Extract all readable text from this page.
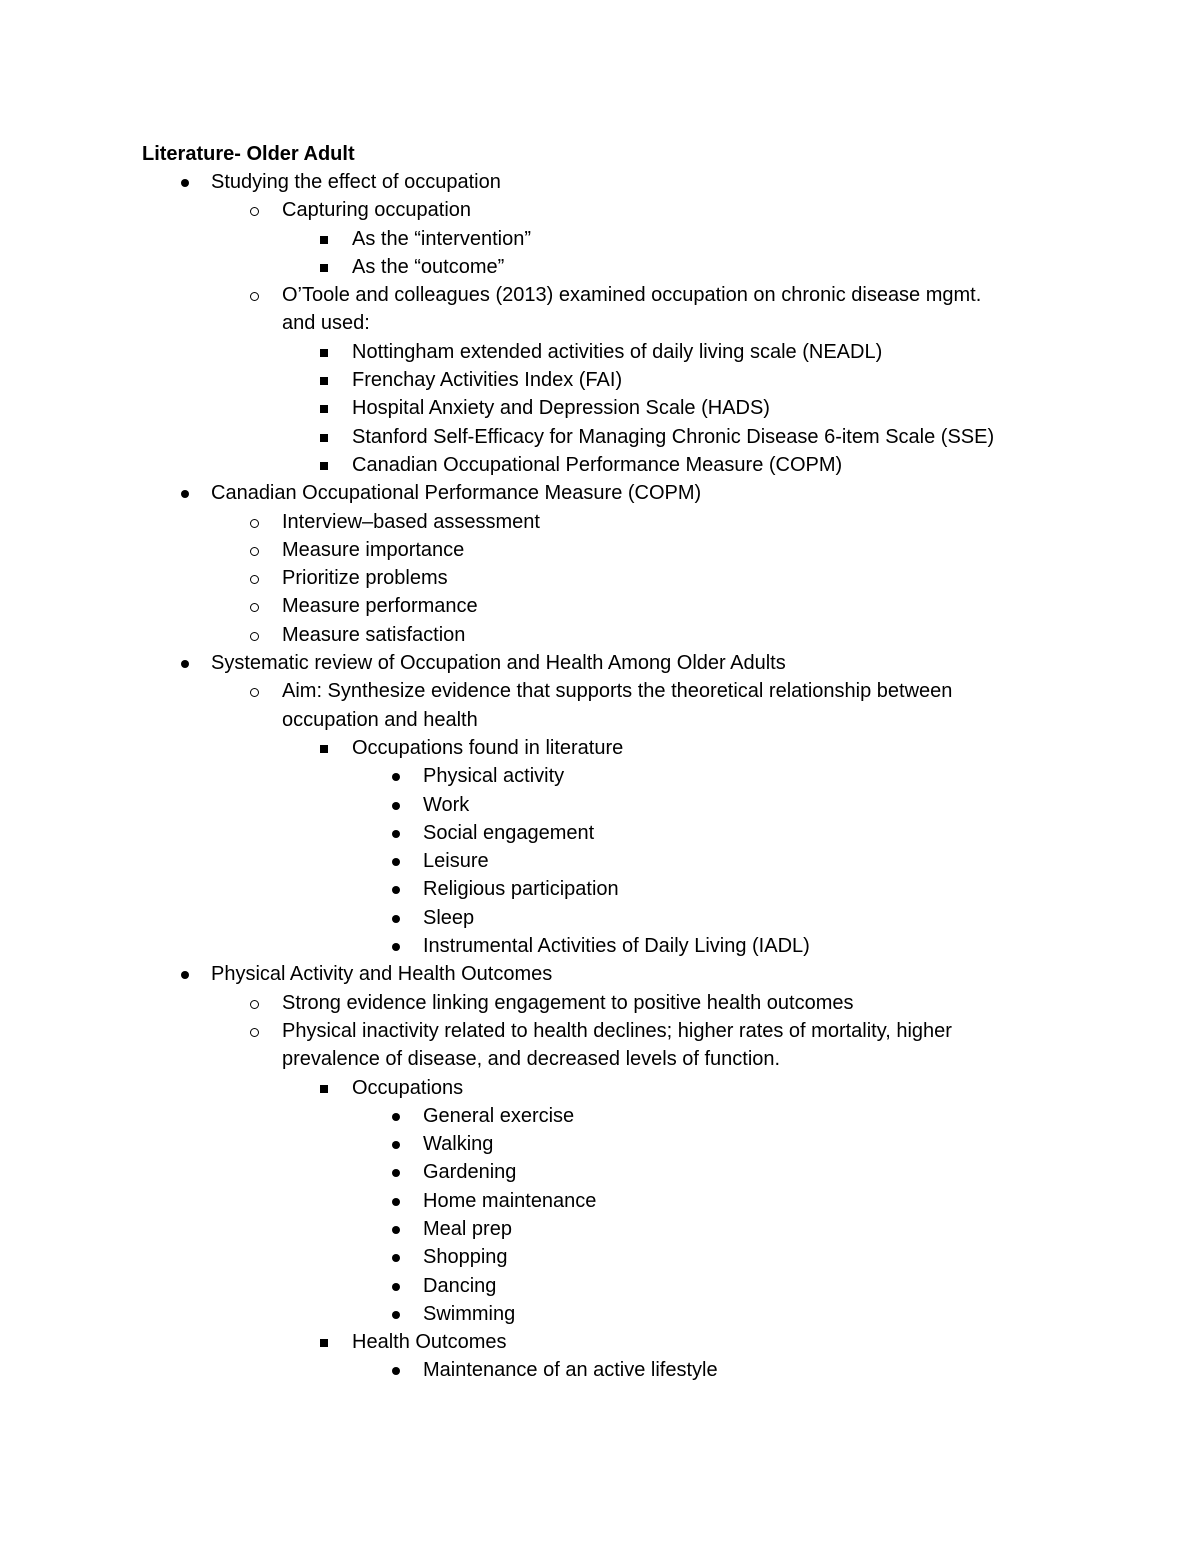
Literature- Older Adult
Studying the effect of occupation
Capturing occupation
As the “intervention”
As the “outcome”
O’Toole and colleagues (2013) examined occupation on chronic disease mgmt.
and used:
Nottingham extended activities of daily living scale (NEADL)
Frenchay Activities Index (FAI)
Hospital Anxiety and Depression Scale (HADS)
Stanford Self-Efficacy for Managing Chronic Disease 6-item Scale (SSE)
Canadian Occupational Performance Measure (COPM)
Canadian Occupational Performance Measure (COPM)
Interview–based assessment
Measure importance
Prioritize problems
Measure performance
Measure satisfaction
Systematic review of Occupation and Health Among Older Adults
Aim: Synthesize evidence that supports the theoretical relationship between
occupation and health
Occupations found in literature
Physical activity
Work
Social engagement
Leisure
Religious participation
Sleep
Instrumental Activities of Daily Living (IADL)
Physical Activity and Health Outcomes
Strong evidence linking engagement to positive health outcomes
Physical inactivity related to health declines; higher rates of mortality, higher
prevalence of disease, and decreased levels of function.
Occupations
General exercise
Walking
Gardening
Home maintenance
Meal prep
Shopping
Dancing
Swimming
Health Outcomes
Maintenance of an active lifestyle
